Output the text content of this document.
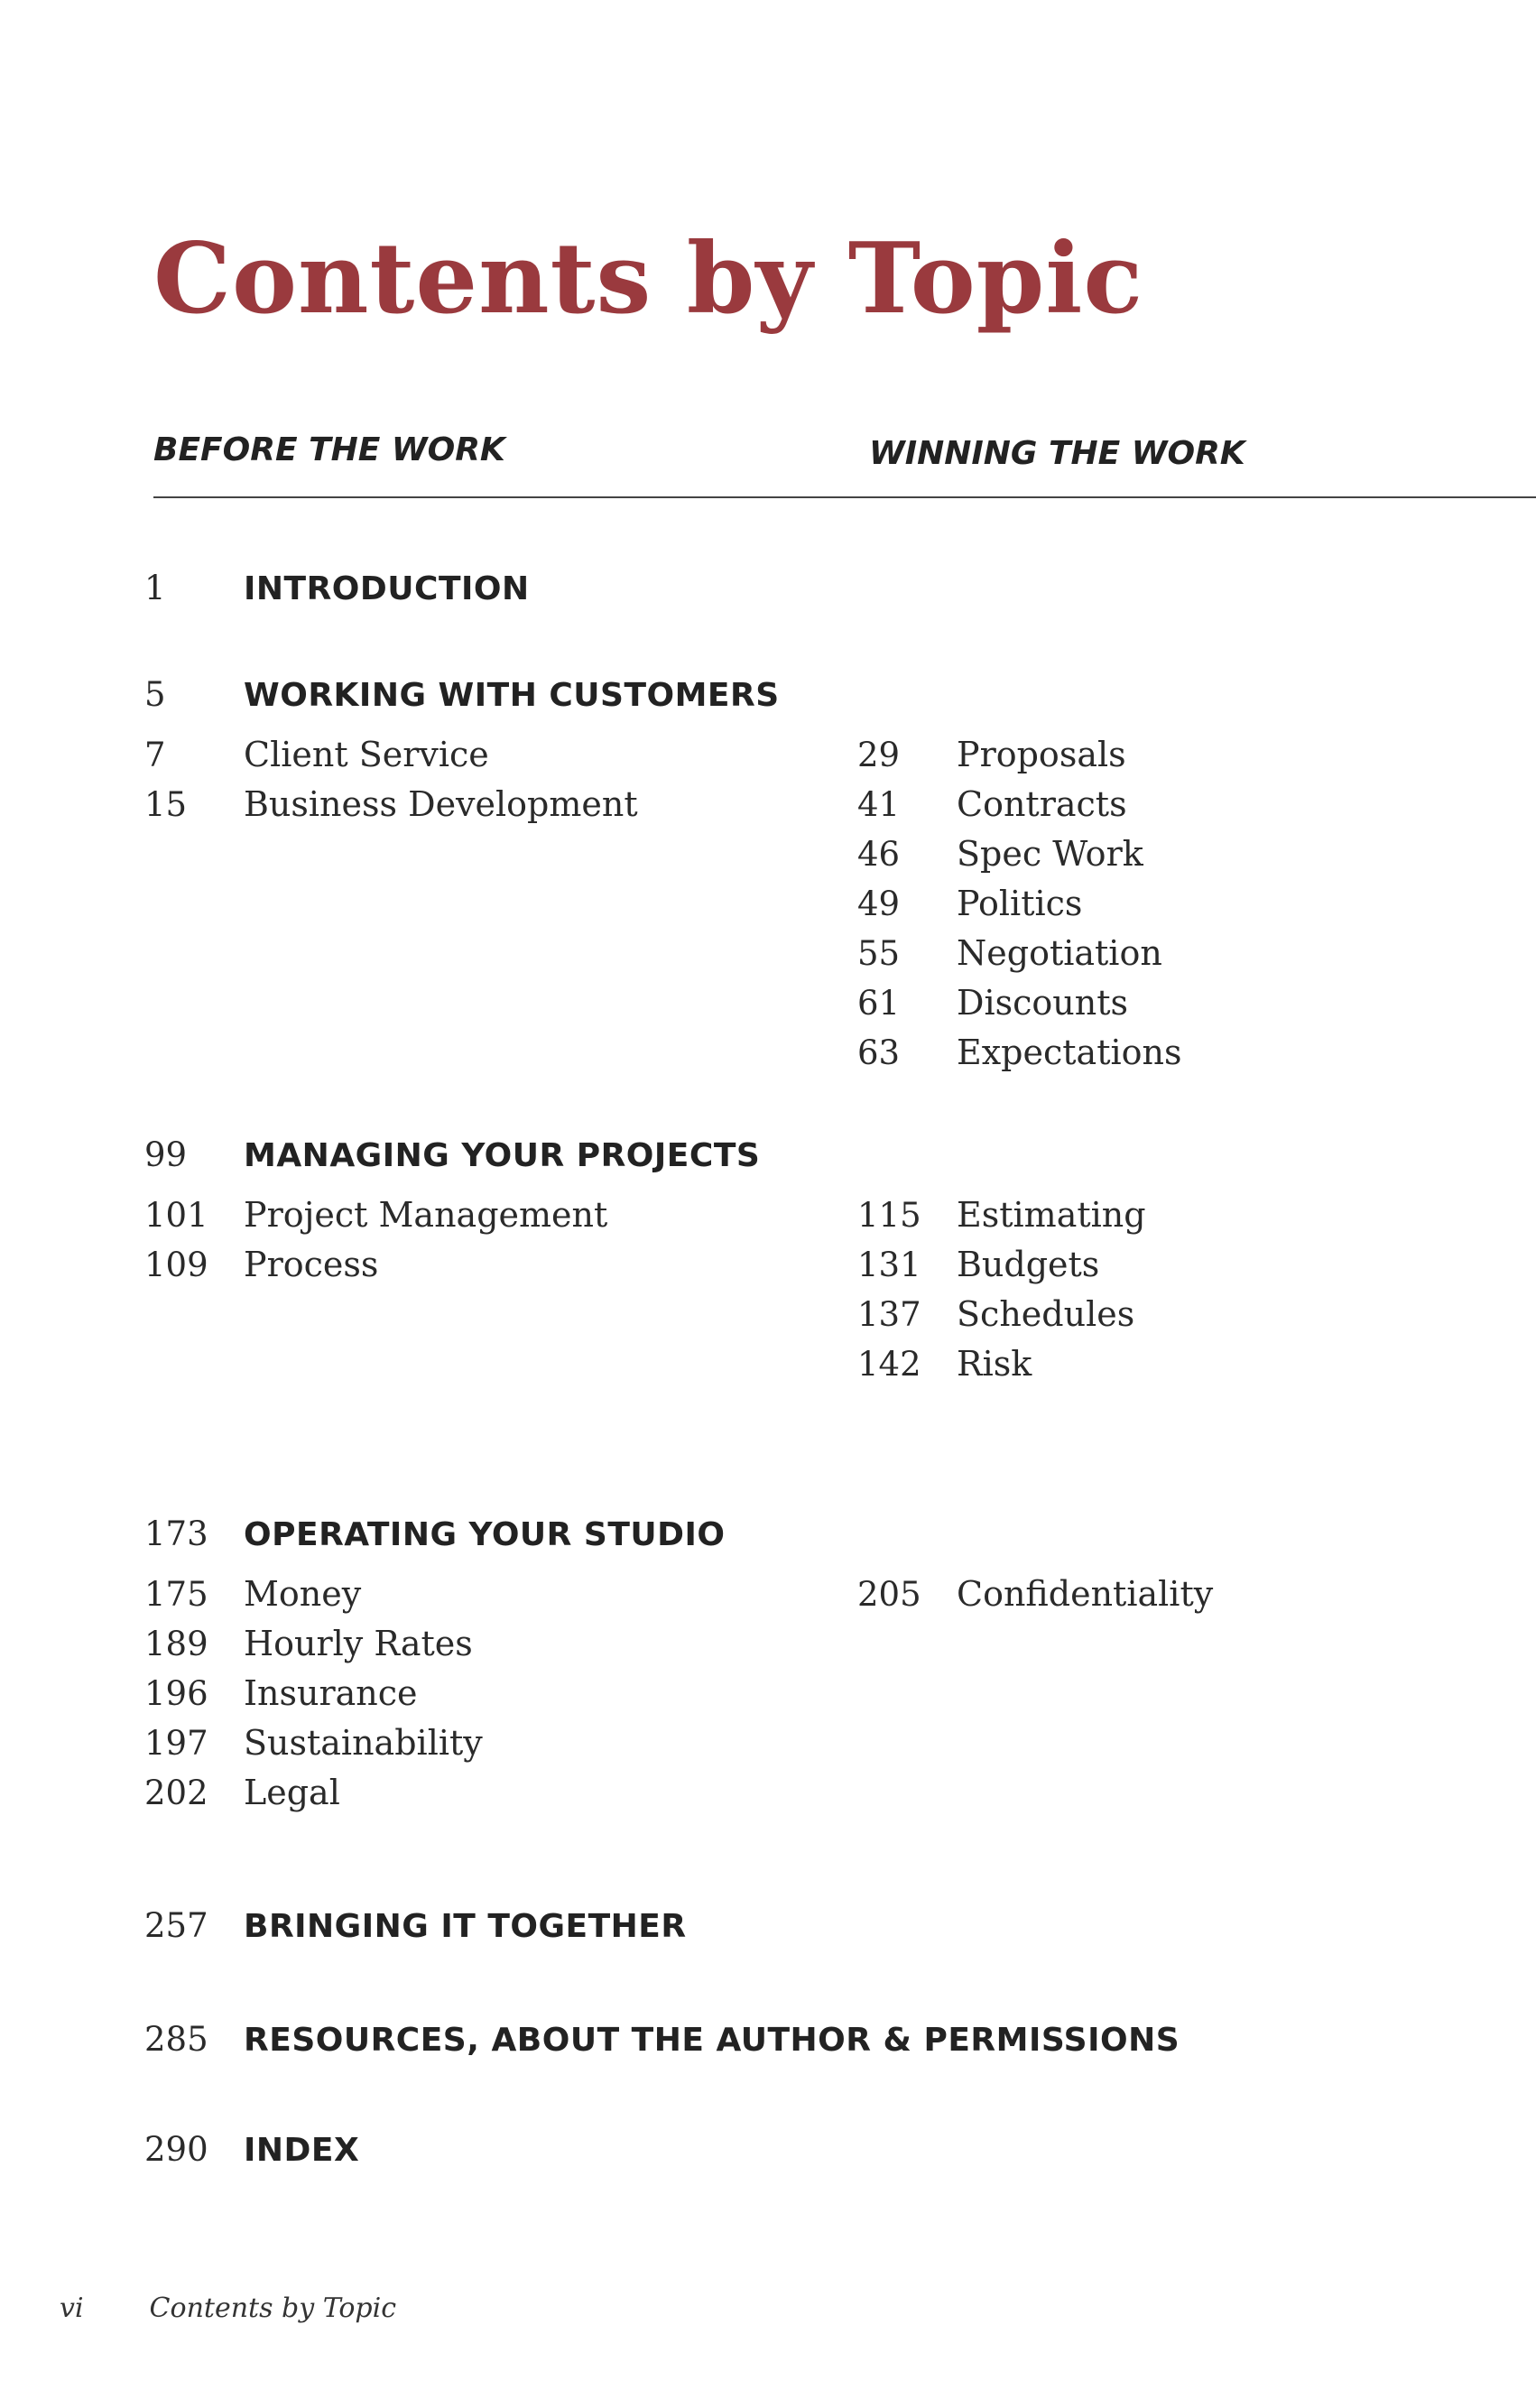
Contents by Topic
BEFORE THE WORK	WINNING THE WORK
1	INTRODUCTION
5	WORKING WITH CUSTOMERS
7	Client Service
15	Business Development
29	Proposals
41	Contracts
46	Spec Work
49	Politics
55	Negotiation
61	Discounts
63	Expectations
99	MANAGING YOUR PROJECTS
101	Project Management
109	Process
115	Estimating
131	Budgets
137	Schedules
142	Risk
173	OPERATING YOUR STUDIO
175	Money
189	Hourly Rates
196	Insurance
197	Sustainability
202	Legal
205	Confidentiality
257	BRINGING IT TOGETHER
285	RESOURCES, ABOUT THE AUTHOR & PERMISSIONS
290	INDEX
vi Contents by Topic
